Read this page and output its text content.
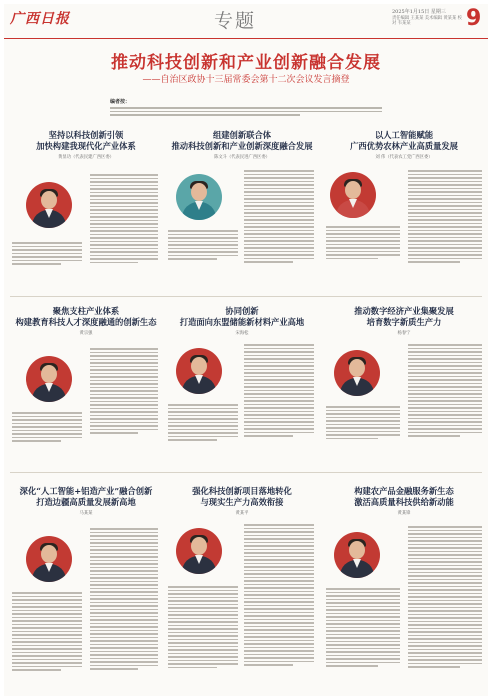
广西日报	专题	2025年1月15日 星期三
责任编辑 王某某 美术编辑 黄某某 校对 韦某某	9
推动科技创新和产业创新融合发展
——自治区政协十三届常委会第十二次会议发言摘登
编者按：
坚持以科技创新引领
加快构建我现代化产业体系
黄显功（代表民建广西区委）
组建创新联合体
推动科技创新和产业创新深度融合发展
陈文斗（代表民进广西区委）
以人工智能赋能
广西优势农林产业高质量发展
刘 伟（代表农工党广西区委）
聚焦支柱产业体系
构建教育科技人才深度融通的创新生态
黄宗强
协同创新
打造面向东盟储能新材料产业高地
宋海松
推动数字经济产业集聚发展
培育数字新质生产力
杨春宁
深化“人工智能+铝造产业”融合创新
打造边疆高质量发展新高地
马某某
强化科技创新项目落地转化
与现实生产力高效衔接
黄某平
构建农产品金融服务新生态
激活高质量科技供给新动能
黄某锋
